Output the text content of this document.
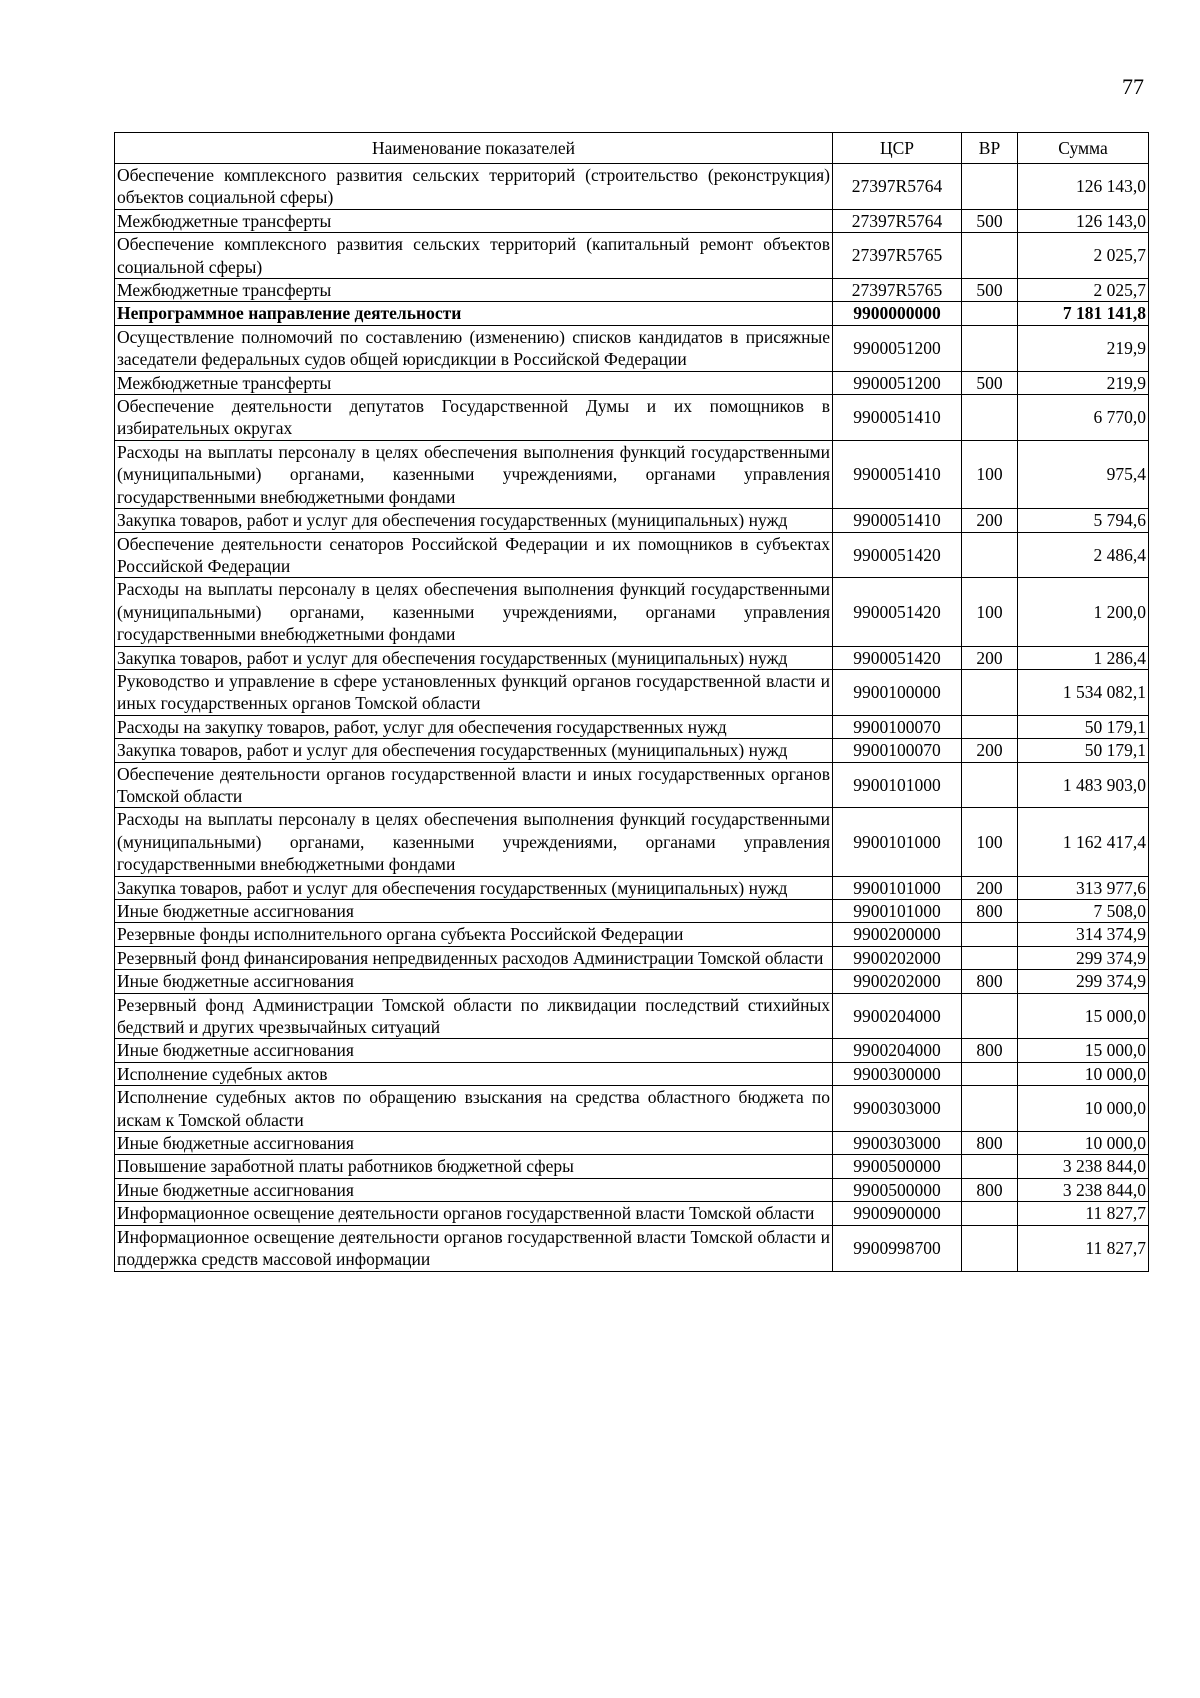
77
Наименование показателей	ЦСР	ВР	Сумма
Обеспечение комплексного развития сельских территорий (строительство (реконструкция) объектов социальной сферы)	27397R5764		126 143,0
Межбюджетные трансферты	27397R5764	500	126 143,0
Обеспечение комплексного развития сельских территорий (капитальный ремонт объектов социальной сферы)	27397R5765		2 025,7
Межбюджетные трансферты	27397R5765	500	2 025,7
Непрограммное направление деятельности	9900000000		7 181 141,8
Осуществление полномочий по составлению (изменению) списков кандидатов в присяжные заседатели федеральных судов общей юрисдикции в Российской Федерации	9900051200		219,9
Межбюджетные трансферты	9900051200	500	219,9
Обеспечение деятельности депутатов Государственной Думы и их помощников в избирательных округах	9900051410		6 770,0
Расходы на выплаты персоналу в целях обеспечения выполнения функций государственными (муниципальными) органами, казенными учреждениями, органами управления государственными внебюджетными фондами	9900051410	100	975,4
Закупка товаров, работ и услуг для обеспечения государственных (муниципальных) нужд	9900051410	200	5 794,6
Обеспечение деятельности сенаторов Российской Федерации и их помощников в субъектах Российской Федерации	9900051420		2 486,4
Расходы на выплаты персоналу в целях обеспечения выполнения функций государственными (муниципальными) органами, казенными учреждениями, органами управления государственными внебюджетными фондами	9900051420	100	1 200,0
Закупка товаров, работ и услуг для обеспечения государственных (муниципальных) нужд	9900051420	200	1 286,4
Руководство и управление в сфере установленных функций органов государственной власти и иных государственных органов Томской области	9900100000		1 534 082,1
Расходы на закупку товаров, работ, услуг для обеспечения государственных нужд	9900100070		50 179,1
Закупка товаров, работ и услуг для обеспечения государственных (муниципальных) нужд	9900100070	200	50 179,1
Обеспечение деятельности органов государственной власти и иных государственных органов Томской области	9900101000		1 483 903,0
Расходы на выплаты персоналу в целях обеспечения выполнения функций государственными (муниципальными) органами, казенными учреждениями, органами управления государственными внебюджетными фондами	9900101000	100	1 162 417,4
Закупка товаров, работ и услуг для обеспечения государственных (муниципальных) нужд	9900101000	200	313 977,6
Иные бюджетные ассигнования	9900101000	800	7 508,0
Резервные фонды исполнительного органа субъекта Российской Федерации	9900200000		314 374,9
Резервный фонд финансирования непредвиденных расходов Администрации Томской области	9900202000		299 374,9
Иные бюджетные ассигнования	9900202000	800	299 374,9
Резервный фонд Администрации Томской области по ликвидации последствий стихийных бедствий и других чрезвычайных ситуаций	9900204000		15 000,0
Иные бюджетные ассигнования	9900204000	800	15 000,0
Исполнение судебных актов	9900300000		10 000,0
Исполнение судебных актов по обращению взыскания на средства областного бюджета по искам к Томской области	9900303000		10 000,0
Иные бюджетные ассигнования	9900303000	800	10 000,0
Повышение заработной платы работников бюджетной сферы	9900500000		3 238 844,0
Иные бюджетные ассигнования	9900500000	800	3 238 844,0
Информационное освещение деятельности органов государственной власти Томской области	9900900000		11 827,7
Информационное освещение деятельности органов государственной власти Томской области и поддержка средств массовой информации	9900998700		11 827,7
